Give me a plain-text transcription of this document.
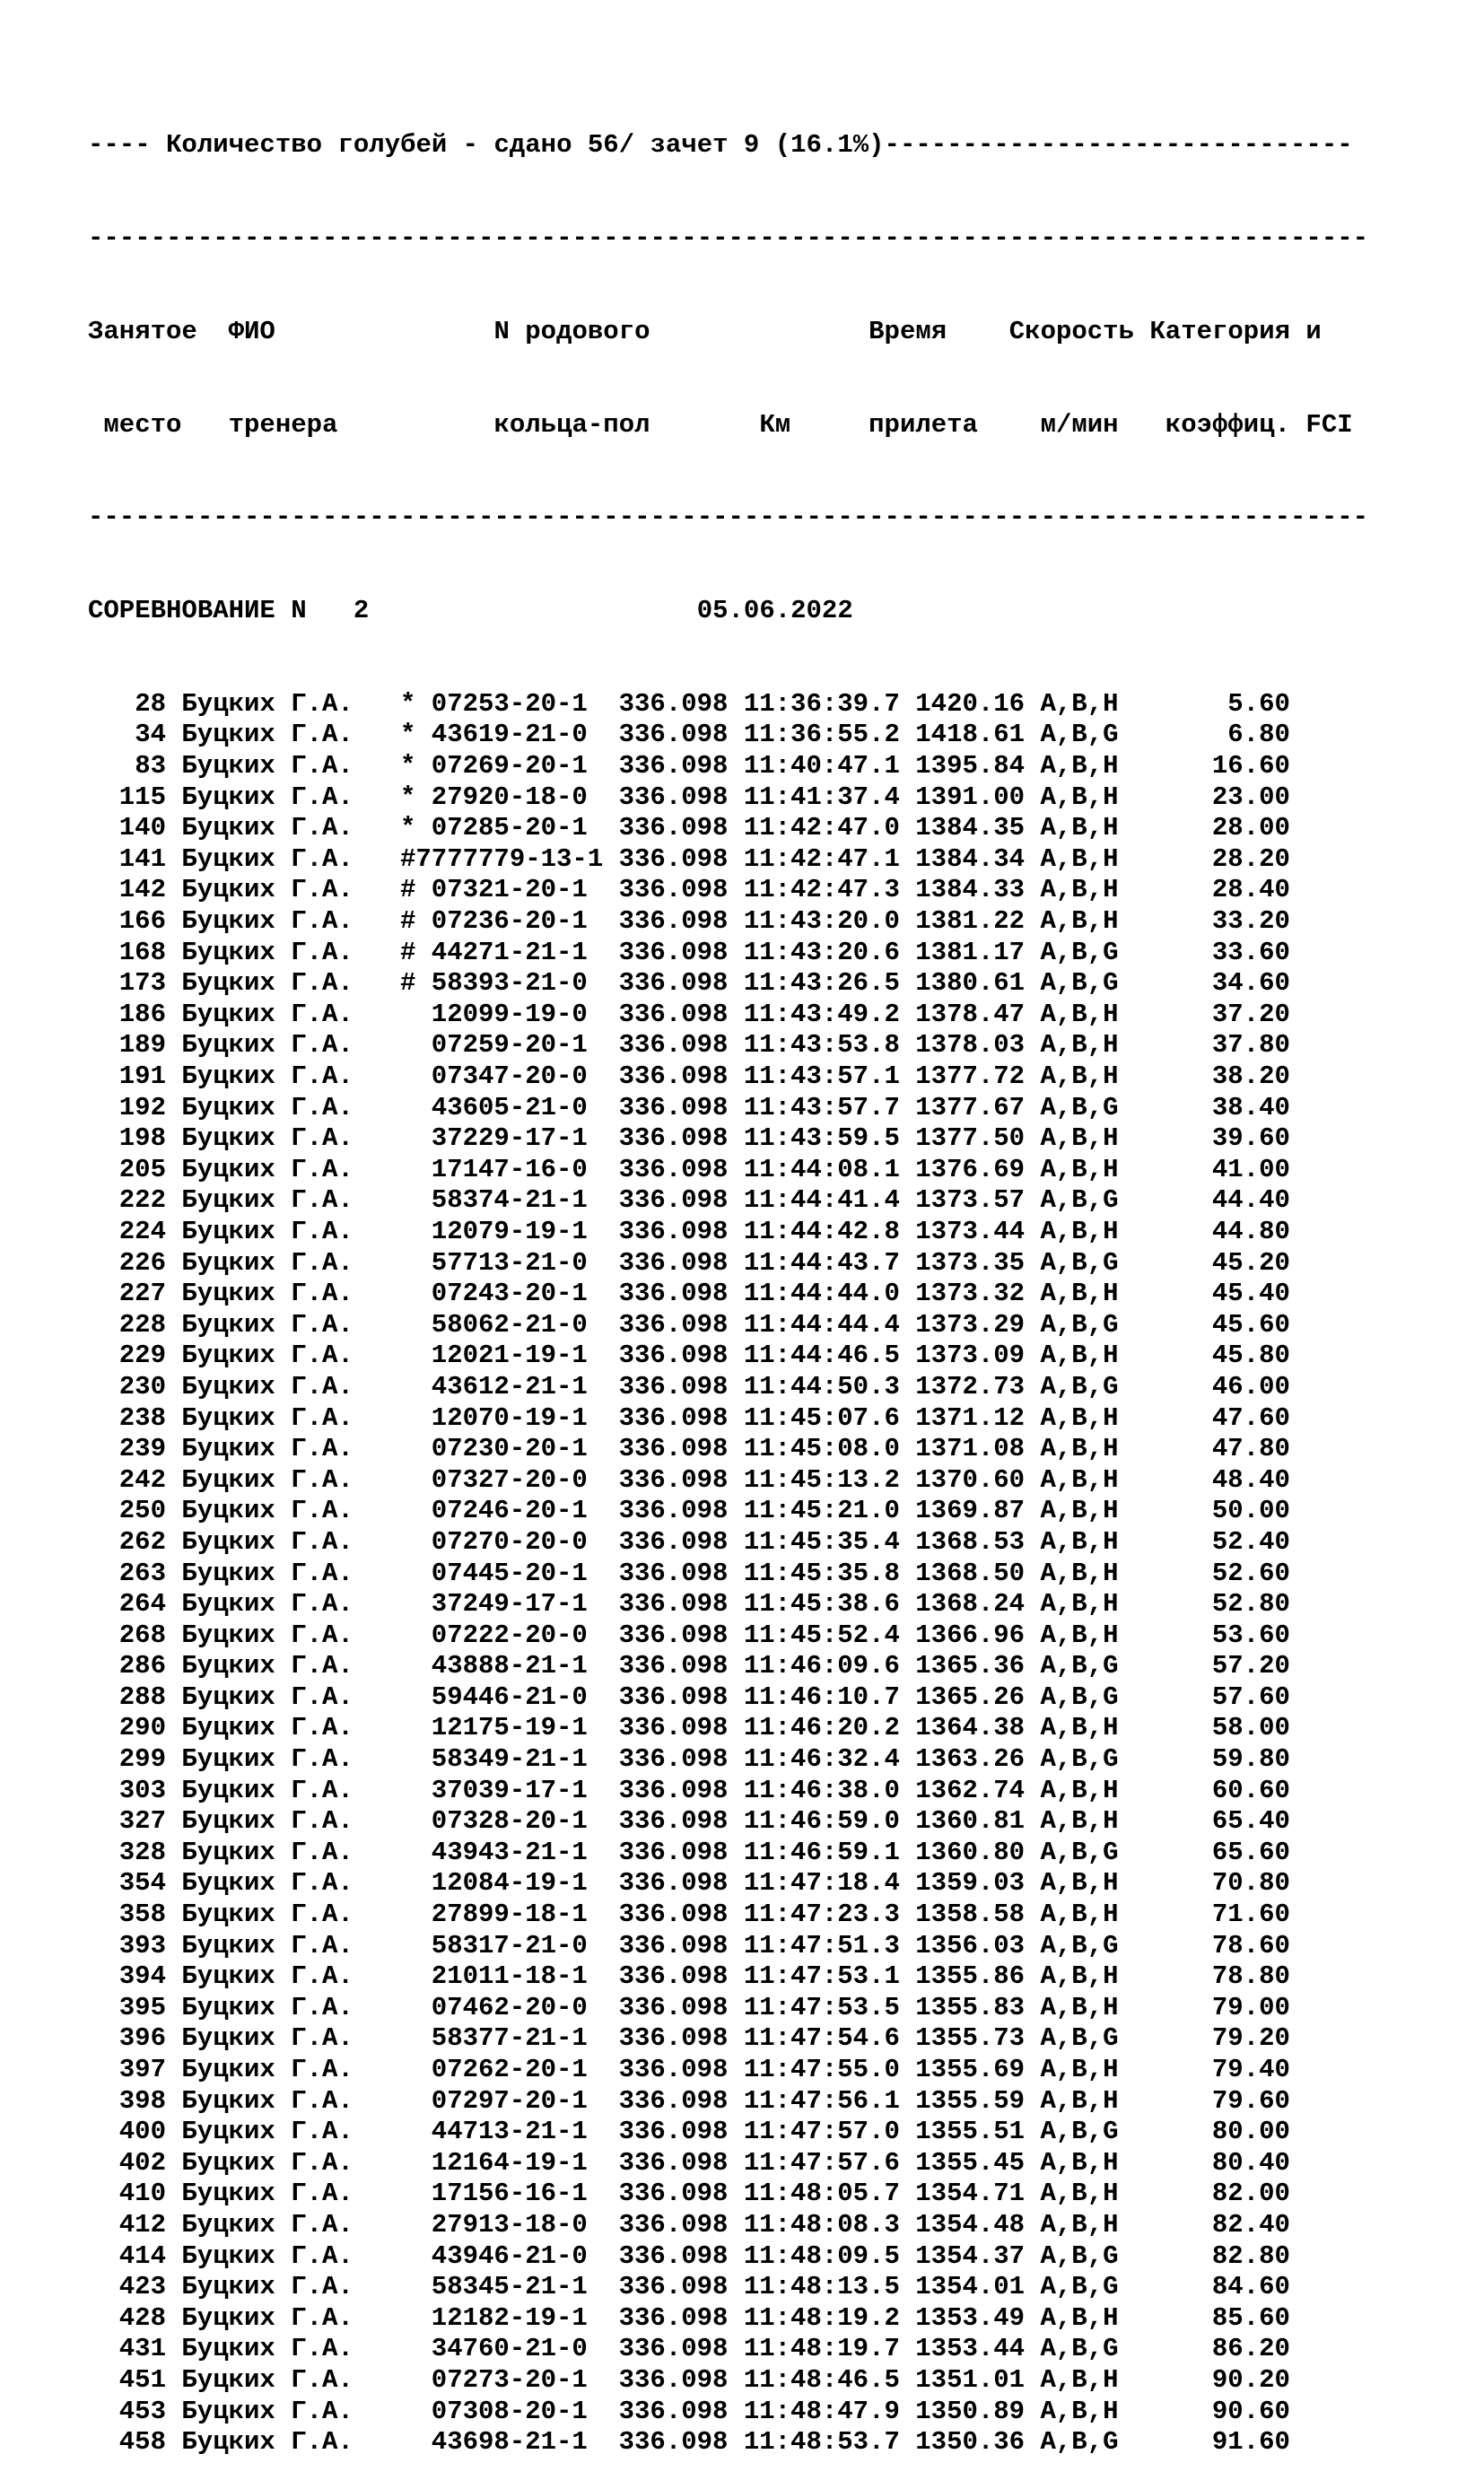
---- Количество голубей - сдано 56/ зачет 9 (16.1%)------------------------------

----------------------------------------------------------------------------------

Занятое  ФИО              N родового              Время    Скорость Категория и

место   тренера          кольца-пол       Км     прилета    м/мин   коэффиц. FCI

----------------------------------------------------------------------------------

СОРЕВНОВАНИЕ N   2	05.06.2022

28 Буцких Г.А. * 07253-20-1 336.098 11:36:39.7 1420.16 A,B,H	5.60
34 Буцких Г.А. * 43619-21-0 336.098 11:36:55.2 1418.61 A,B,G	6.80
83 Буцких Г.А. * 07269-20-1 336.098 11:40:47.1 1395.84 A,B,H	16.60
115 Буцких Г.А. * 27920-18-0 336.098 11:41:37.4 1391.00 A,B,H	23.00
140 Буцких Г.А. * 07285-20-1 336.098 11:42:47.0 1384.35 A,B,H	28.00
141 Буцких Г.А. #7777779-13-1 336.098 11:42:47.1 1384.34 A,B,H	28.20
142 Буцких Г.А. # 07321-20-1 336.098 11:42:47.3 1384.33 A,B,H	28.40
166 Буцких Г.А. # 07236-20-1 336.098 11:43:20.0 1381.22 A,B,H	33.20
168 Буцких Г.А. # 44271-21-1 336.098 11:43:20.6 1381.17 A,B,G	33.60
173 Буцких Г.А. # 58393-21-0 336.098 11:43:26.5 1380.61 A,B,G	34.60
186 Буцких Г.А.	12099-19-0 336.098 11:43:49.2 1378.47 A,B,H	37.20
189 Буцких Г.А.	07259-20-1 336.098 11:43:53.8 1378.03 A,B,H	37.80
191 Буцких Г.А.	07347-20-0 336.098 11:43:57.1 1377.72 A,B,H	38.20
192 Буцких Г.А.	43605-21-0 336.098 11:43:57.7 1377.67 A,B,G	38.40
198 Буцких Г.А.	37229-17-1 336.098 11:43:59.5 1377.50 A,B,H	39.60
205 Буцких Г.А.	17147-16-0 336.098 11:44:08.1 1376.69 A,B,H	41.00
222 Буцких Г.А.	58374-21-1 336.098 11:44:41.4 1373.57 A,B,G	44.40
224 Буцких Г.А.	12079-19-1 336.098 11:44:42.8 1373.44 A,B,H	44.80
226 Буцких Г.А.	57713-21-0 336.098 11:44:43.7 1373.35 A,B,G	45.20
227 Буцких Г.А.	07243-20-1 336.098 11:44:44.0 1373.32 A,B,H	45.40
228 Буцких Г.А.	58062-21-0 336.098 11:44:44.4 1373.29 A,B,G	45.60
229 Буцких Г.А.	12021-19-1 336.098 11:44:46.5 1373.09 A,B,H	45.80
230 Буцких Г.А.	43612-21-1 336.098 11:44:50.3 1372.73 A,B,G	46.00
238 Буцких Г.А.	12070-19-1 336.098 11:45:07.6 1371.12 A,B,H	47.60
239 Буцких Г.А.	07230-20-1 336.098 11:45:08.0 1371.08 A,B,H	47.80
242 Буцких Г.А.	07327-20-0 336.098 11:45:13.2 1370.60 A,B,H	48.40
250 Буцких Г.А.	07246-20-1 336.098 11:45:21.0 1369.87 A,B,H	50.00
262 Буцких Г.А.	07270-20-0 336.098 11:45:35.4 1368.53 A,B,H	52.40
263 Буцких Г.А.	07445-20-1 336.098 11:45:35.8 1368.50 A,B,H	52.60
264 Буцких Г.А.	37249-17-1 336.098 11:45:38.6 1368.24 A,B,H	52.80
268 Буцких Г.А.	07222-20-0 336.098 11:45:52.4 1366.96 A,B,H	53.60
286 Буцких Г.А.	43888-21-1 336.098 11:46:09.6 1365.36 A,B,G	57.20
288 Буцких Г.А.	59446-21-0 336.098 11:46:10.7 1365.26 A,B,G	57.60
290 Буцких Г.А.	12175-19-1 336.098 11:46:20.2 1364.38 A,B,H	58.00
299 Буцких Г.А.	58349-21-1 336.098 11:46:32.4 1363.26 A,B,G	59.80
303 Буцких Г.А.	37039-17-1 336.098 11:46:38.0 1362.74 A,B,H	60.60
327 Буцких Г.А.	07328-20-1 336.098 11:46:59.0 1360.81 A,B,H	65.40
328 Буцких Г.А.	43943-21-1 336.098 11:46:59.1 1360.80 A,B,G	65.60
354 Буцких Г.А.	12084-19-1 336.098 11:47:18.4 1359.03 A,B,H	70.80
358 Буцких Г.А.	27899-18-1 336.098 11:47:23.3 1358.58 A,B,H	71.60
393 Буцких Г.А.	58317-21-0 336.098 11:47:51.3 1356.03 A,B,G	78.60
394 Буцких Г.А.	21011-18-1 336.098 11:47:53.1 1355.86 A,B,H	78.80
395 Буцких Г.А.	07462-20-0 336.098 11:47:53.5 1355.83 A,B,H	79.00
396 Буцких Г.А.	58377-21-1 336.098 11:47:54.6 1355.73 A,B,G	79.20
397 Буцких Г.А.	07262-20-1 336.098 11:47:55.0 1355.69 A,B,H	79.40
398 Буцких Г.А.	07297-20-1 336.098 11:47:56.1 1355.59 A,B,H	79.60
400 Буцких Г.А.	44713-21-1 336.098 11:47:57.0 1355.51 A,B,G	80.00
402 Буцких Г.А.	12164-19-1 336.098 11:47:57.6 1355.45 A,B,H	80.40
410 Буцких Г.А.	17156-16-1 336.098 11:48:05.7 1354.71 A,B,H	82.00
412 Буцких Г.А.	27913-18-0 336.098 11:48:08.3 1354.48 A,B,H	82.40
414 Буцких Г.А.	43946-21-0 336.098 11:48:09.5 1354.37 A,B,G	82.80
423 Буцких Г.А.	58345-21-1 336.098 11:48:13.5 1354.01 A,B,G	84.60
428 Буцких Г.А.	12182-19-1 336.098 11:48:19.2 1353.49 A,B,H	85.60
431 Буцких Г.А.	34760-21-0 336.098 11:48:19.7 1353.44 A,B,G	86.20
451 Буцких Г.А.	07273-20-1 336.098 11:48:46.5 1351.01 A,B,H	90.20
453 Буцких Г.А.	07308-20-1 336.098 11:48:47.9 1350.89 A,B,H	90.60
458 Буцких Г.А.	43698-21-1 336.098 11:48:53.7 1350.36 A,B,G	91.60
